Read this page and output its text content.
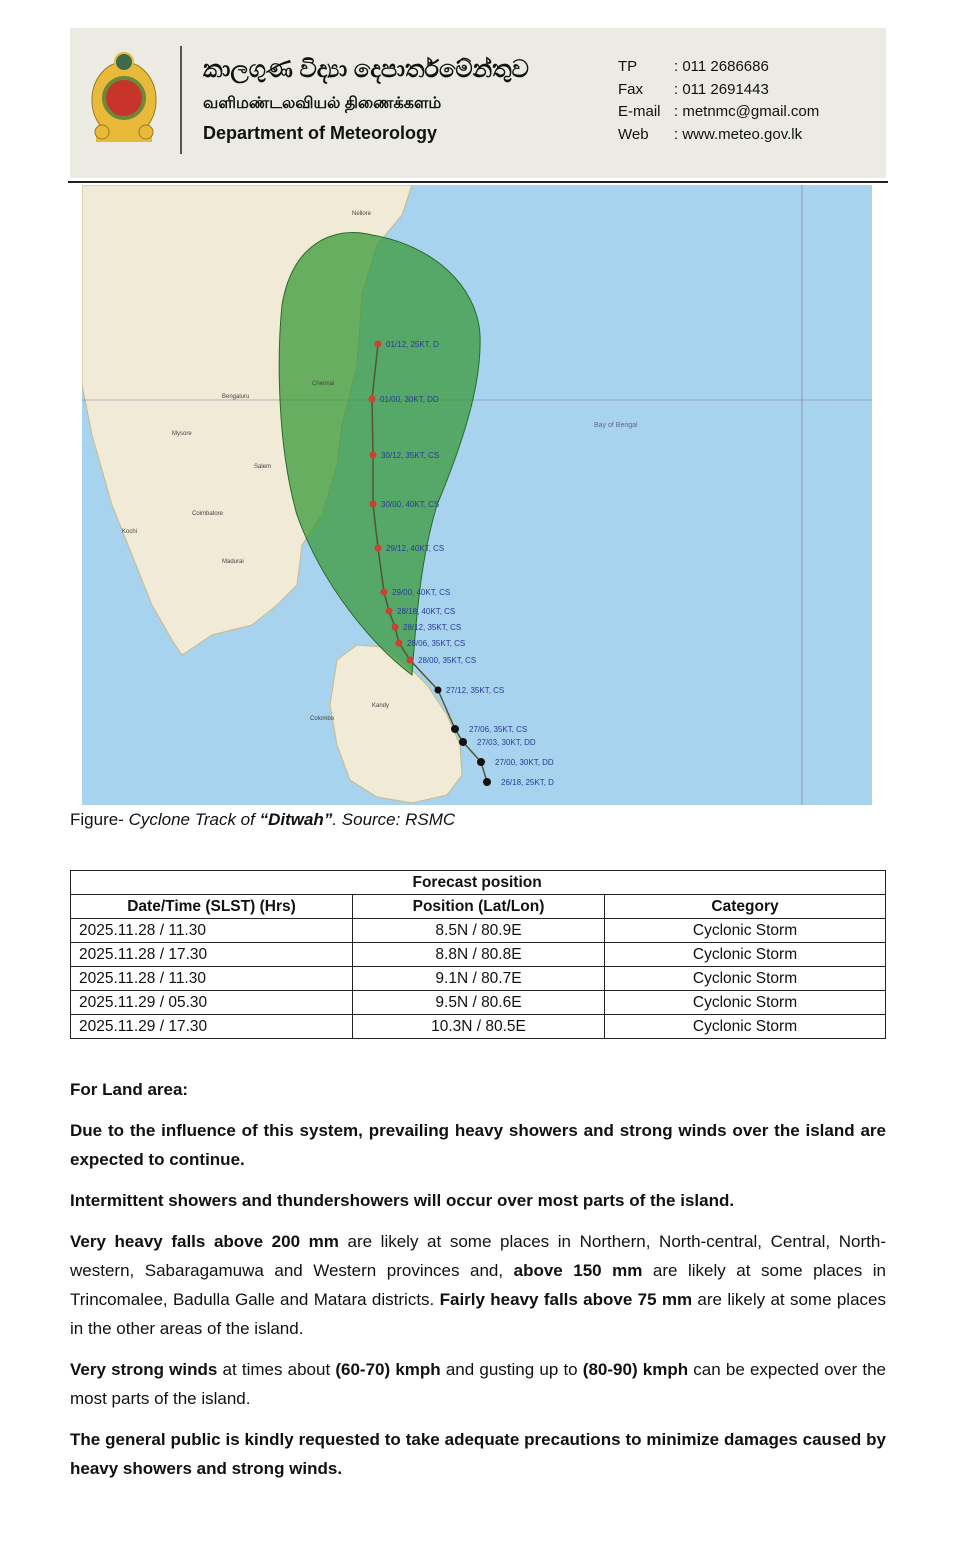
කාලගුණ විද්‍යා දෙපාර්තමේන්තුව
வளிமண்டலவியல் திணைக்களம்
Department of Meteorology
TP : 011 2686686
Fax : 011 2691443
E-mail : metnmc@gmail.com
Web : www.meteo.gov.lk
Bay of Bengal
Colombo
Kandy
Chennai
Bengaluru
Mysore
Madurai
Coimbatore
Salem
Kochi
Nellore
26/18, 25KT, D
27/00, 30KT, DD
27/03, 30KT, DD
27/06, 35KT, CS
27/12, 35KT, CS
28/00, 35KT, CS
28/06, 35KT, CS
28/12, 35KT, CS
28/18, 40KT, CS
29/00, 40KT, CS
29/12, 40KT, CS
30/00, 40KT, CS
30/12, 35KT, CS
01/00, 30KT, DD
01/12, 25KT, D
Figure- Cyclone Track of “Ditwah”. Source: RSMC
	Forecast position	
Date/Time (SLST) (Hrs)	Position (Lat/Lon)	Category
2025.11.28 / 11.30	8.5N / 80.9E	Cyclonic Storm
2025.11.28 / 17.30	8.8N / 80.8E	Cyclonic Storm
2025.11.28 / 11.30	9.1N / 80.7E	Cyclonic Storm
2025.11.29 / 05.30	9.5N / 80.6E	Cyclonic Storm
2025.11.29 / 17.30	10.3N / 80.5E	Cyclonic Storm

For Land area:

Due to the influence of this system, prevailing heavy showers and strong winds over the island are expected to continue.

Intermittent showers and thundershowers will occur over most parts of the island.

Very heavy falls above 200 mm are likely at some places in Northern, North-central, Central, North-western, Sabaragamuwa and Western provinces and, above 150 mm are likely at some places in Trincomalee, Badulla Galle and Matara districts. Fairly heavy falls above 75 mm are likely at some places in the other areas of the island.

Very strong winds at times about (60-70) kmph and gusting up to (80-90) kmph can be expected over the most parts of the island.

The general public is kindly requested to take adequate precautions to minimize damages caused by heavy showers and strong winds.
